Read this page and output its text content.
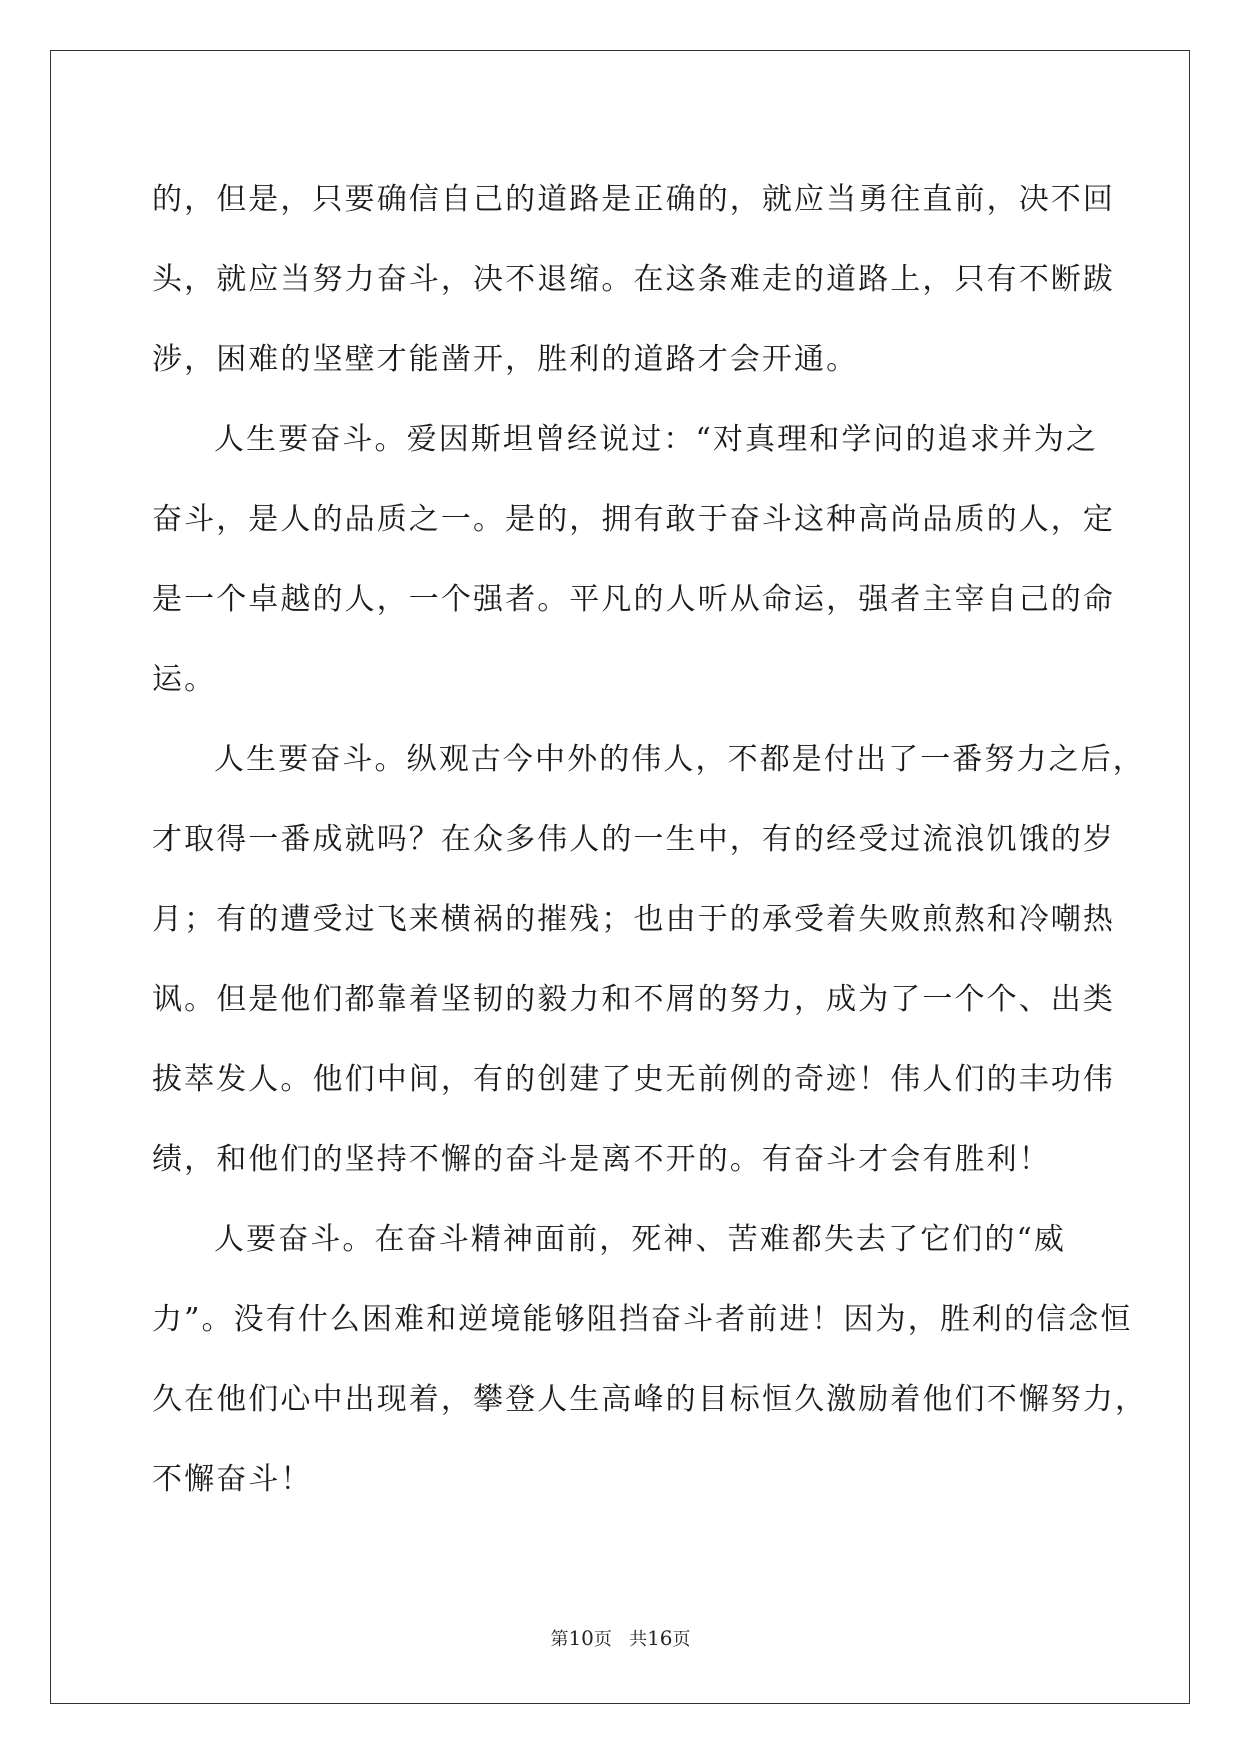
的，但是，只要确信自己的道路是正确的，就应当勇往直前，决不回
头，就应当努力奋斗，决不退缩。在这条难走的道路上，只有不断跋
涉，困难的坚壁才能凿开，胜利的道路才会开通。
人生要奋斗。爱因斯坦曾经说过：“对真理和学问的追求并为之
奋斗，是人的品质之一。是的，拥有敢于奋斗这种高尚品质的人，定
是一个卓越的人，一个强者。平凡的人听从命运，强者主宰自己的命
运。
人生要奋斗。纵观古今中外的伟人，不都是付出了一番努力之后，
才取得一番成就吗？在众多伟人的一生中，有的经受过流浪饥饿的岁
月；有的遭受过飞来横祸的摧残；也由于的承受着失败煎熬和冷嘲热
讽。但是他们都靠着坚韧的毅力和不屑的努力，成为了一个个、出类
拔萃发人。他们中间，有的创建了史无前例的奇迹！伟人们的丰功伟
绩，和他们的坚持不懈的奋斗是离不开的。有奋斗才会有胜利！
人要奋斗。在奋斗精神面前，死神、苦难都失去了它们的“威
力”。没有什么困难和逆境能够阻挡奋斗者前进！因为，胜利的信念恒
久在他们心中出现着，攀登人生高峰的目标恒久激励着他们不懈努力，
不懈奋斗！
第10页 共16页
